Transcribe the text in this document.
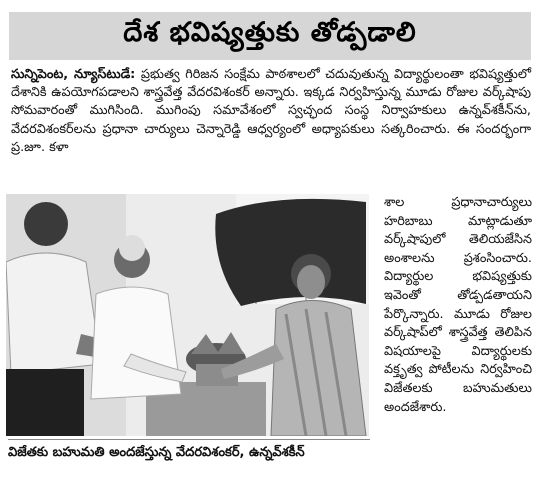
దేశ భవిష్యత్తుకు తోడ్పడాలి
సున్నిపెంట, న్యూస్‌టుడే: ప్రభుత్వ గిరిజన సంక్షేమ పాఠశాలలో చదువుతున్న విద్యార్థులంతా భవిష్యత్తులో దేశానికి ఉపయోగపడాలని శాస్త్రవేత్త వేదరవిశంకర్ అన్నారు. ఇక్కడ నిర్వహిస్తున్న మూడు రోజుల వర్క్‌షాపు సోమవారంతో ముగిసింది. ముగింపు సమావేశంలో స్వచ్ఛంద సంస్థ నిర్వాహకులు ఉన్నవ్‌శకీన్‌ను, వేదరవిశంకర్‌లను ప్రధానా చార్యులు చెన్నారెడ్డి ఆధ్వర్యంలో అధ్యాపకులు సత్కరించారు. ఈ సందర్భంగా ప్ర.జూ. కళా
విజేతకు బహుమతి అందజేస్తున్న వేదరవిశంకర్, ఉన్నవ్‌శకీన్
శాల ప్రధానాచార్యులు హరిబాబు మాట్లాడుతూ వర్క్‌షాపులో తెలియజేసిన అంశాలను ప్రశంసించారు. విద్యార్థుల భవిష్యత్తుకు ఇవెంతో తోడ్పడతాయని పేర్కొన్నారు. మూడు రోజుల వర్క్‌షాప్‌లో శాస్త్రవేత్త తెలిపిన విషయాలపై విద్యార్థులకు వక్తృత్వ పోటీలను నిర్వహించి విజేతలకు బహుమతులు అందజేశారు.
